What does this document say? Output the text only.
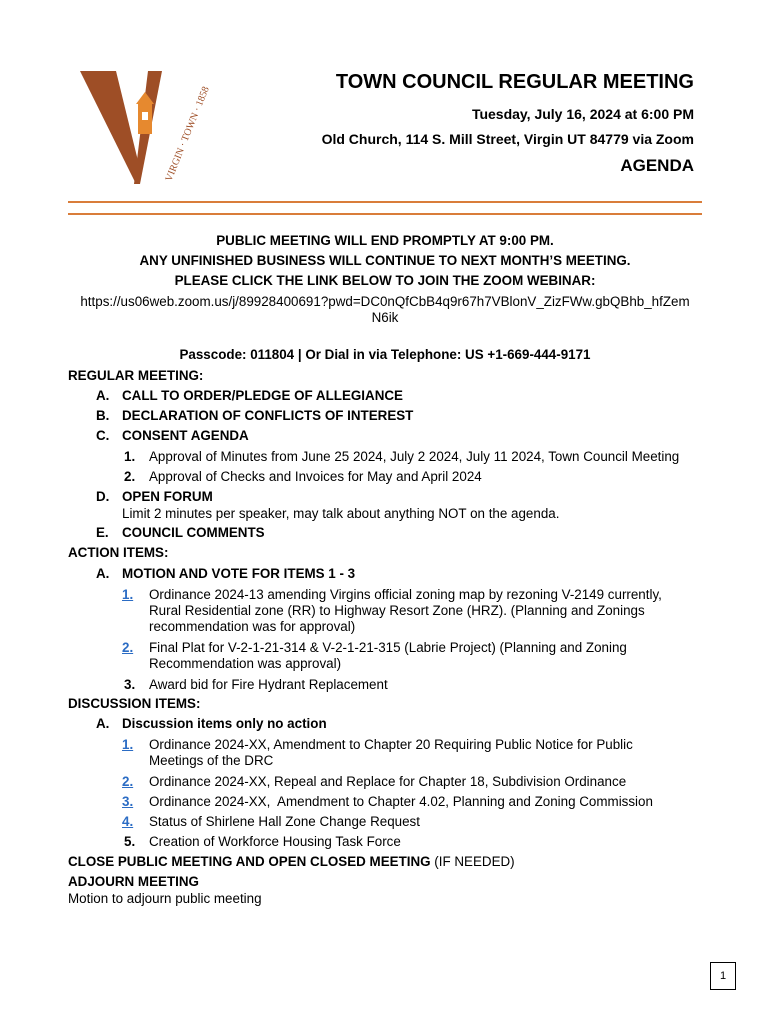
VIRGIN · TOWN · 1858
TOWN COUNCIL REGULAR MEETING
Tuesday, July 16, 2024 at 6:00 PM
Old Church, 114 S. Mill Street, Virgin UT 84779 via Zoom
AGENDA
PUBLIC MEETING WILL END PROMPTLY AT 9:00 PM.
ANY UNFINISHED BUSINESS WILL CONTINUE TO NEXT MONTH’S MEETING.
PLEASE CLICK THE LINK BELOW TO JOIN THE ZOOM WEBINAR:
https://us06web.zoom.us/j/89928400691?pwd=DC0nQfCbB4q9r67h7VBlonV_ZizFWw.gbQBhb_hfZem
N6ik
Passcode: 011804 | Or Dial in via Telephone: US +1-669-444-9171
REGULAR MEETING:
A. CALL TO ORDER/PLEDGE OF ALLEGIANCE
B. DECLARATION OF CONFLICTS OF INTEREST
C. CONSENT AGENDA
1. Approval of Minutes from June 25 2024, July 2 2024, July 11 2024, Town Council Meeting
2. Approval of Checks and Invoices for May and April 2024
D. OPEN FORUM
Limit 2 minutes per speaker, may talk about anything NOT on the agenda.
E. COUNCIL COMMENTS
ACTION ITEMS:
A. MOTION AND VOTE FOR ITEMS 1 - 3
1. Ordinance 2024-13 amending Virgins official zoning map by rezoning V-2149 currently,
Rural Residential zone (RR) to Highway Resort Zone (HRZ). (Planning and Zonings
recommendation was for approval)
2. Final Plat for V-2-1-21-314 & V-2-1-21-315 (Labrie Project) (Planning and Zoning
Recommendation was approval)
3. Award bid for Fire Hydrant Replacement
DISCUSSION ITEMS:
A. Discussion items only no action
1. Ordinance 2024-XX, Amendment to Chapter 20 Requiring Public Notice for Public
Meetings of the DRC
2. Ordinance 2024-XX, Repeal and Replace for Chapter 18, Subdivision Ordinance
3. Ordinance 2024-XX,  Amendment to Chapter 4.02, Planning and Zoning Commission
4. Status of Shirlene Hall Zone Change Request
5. Creation of Workforce Housing Task Force
CLOSE PUBLIC MEETING AND OPEN CLOSED MEETING (IF NEEDED)
ADJOURN MEETING
Motion to adjourn public meeting
1
